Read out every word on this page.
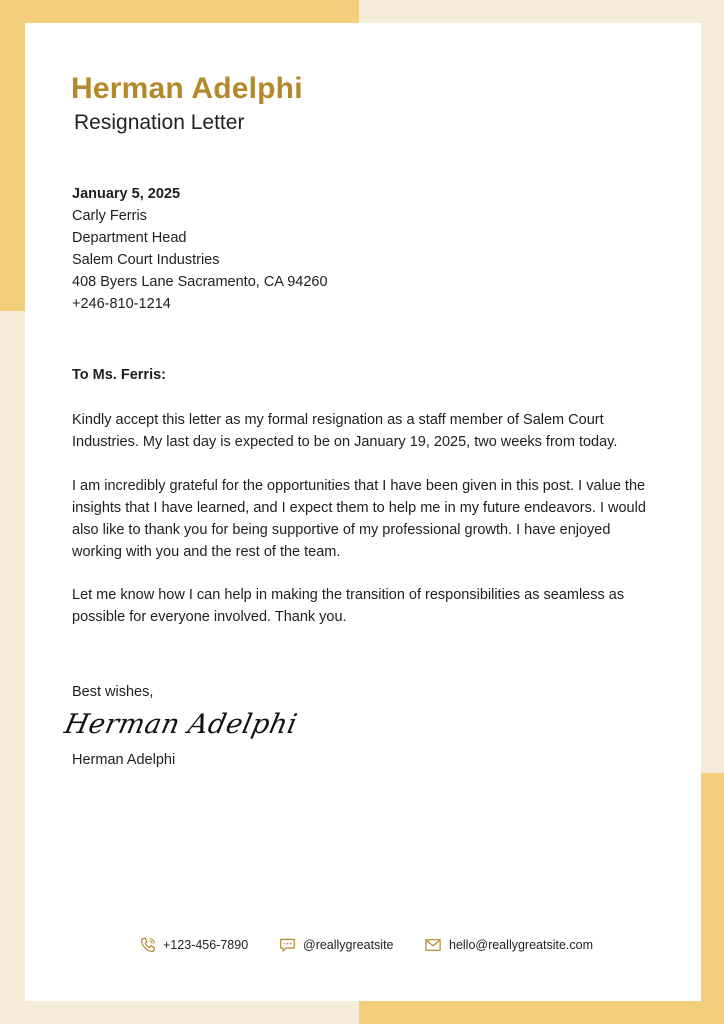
Herman Adelphi
Resignation Letter
January 5, 2025
Carly Ferris
Department Head
Salem Court Industries
408 Byers Lane Sacramento, CA 94260
+246-810-1214
To Ms. Ferris:

Kindly accept this letter as my formal resignation as a staff member of Salem Court Industries. My last day is expected to be on January 19, 2025, two weeks from today.

I am incredibly grateful for the opportunities that I have been given in this post. I value the insights that I have learned, and I expect them to help me in my future endeavors. I would also like to thank you for being supportive of my professional growth. I have enjoyed working with you and the rest of the team.

Let me know how I can help in making the transition of responsibilities as seamless as possible for everyone involved. Thank you.

Best wishes,
Herman Adelphi
Herman Adelphi
+123-456-7890	@reallygreatsite	hello@reallygreatsite.com
